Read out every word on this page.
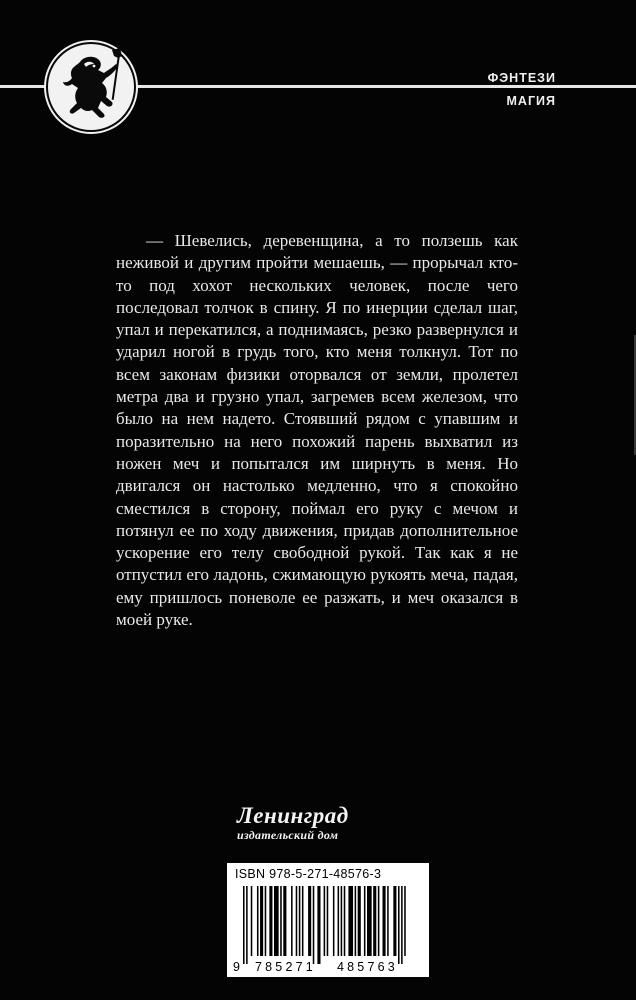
ФЭНТЕЗИ
МАГИЯ
— Шевелись, деревенщина, а то ползешь как неживой и другим пройти мешаешь, — прорычал кто-то под хохот нескольких человек, после чего последовал толчок в спину. Я по инерции сделал шаг, упал и перекатился, а поднимаясь, резко развернулся и ударил ногой в грудь того, кто меня толкнул. Тот по всем законам физики оторвался от земли, пролетел метра два и грузно упал, загремев всем железом, что было на нем надето. Стоявший рядом с упавшим и поразительно на него похожий парень выхватил из ножен меч и попытался им ширнуть в меня. Но двигался он настолько медленно, что я спокойно сместился в сторону, поймал его руку с мечом и потянул ее по ходу движения, придав дополнительное ускорение его телу свободной рукой. Так как я не отпустил его ладонь, сжимающую рукоять меча, падая, ему пришлось поневоле ее разжать, и меч оказался в моей руке.
Ленинград
издательский дом
ISBN 978-5-271-48576-3
9 785271 485763
